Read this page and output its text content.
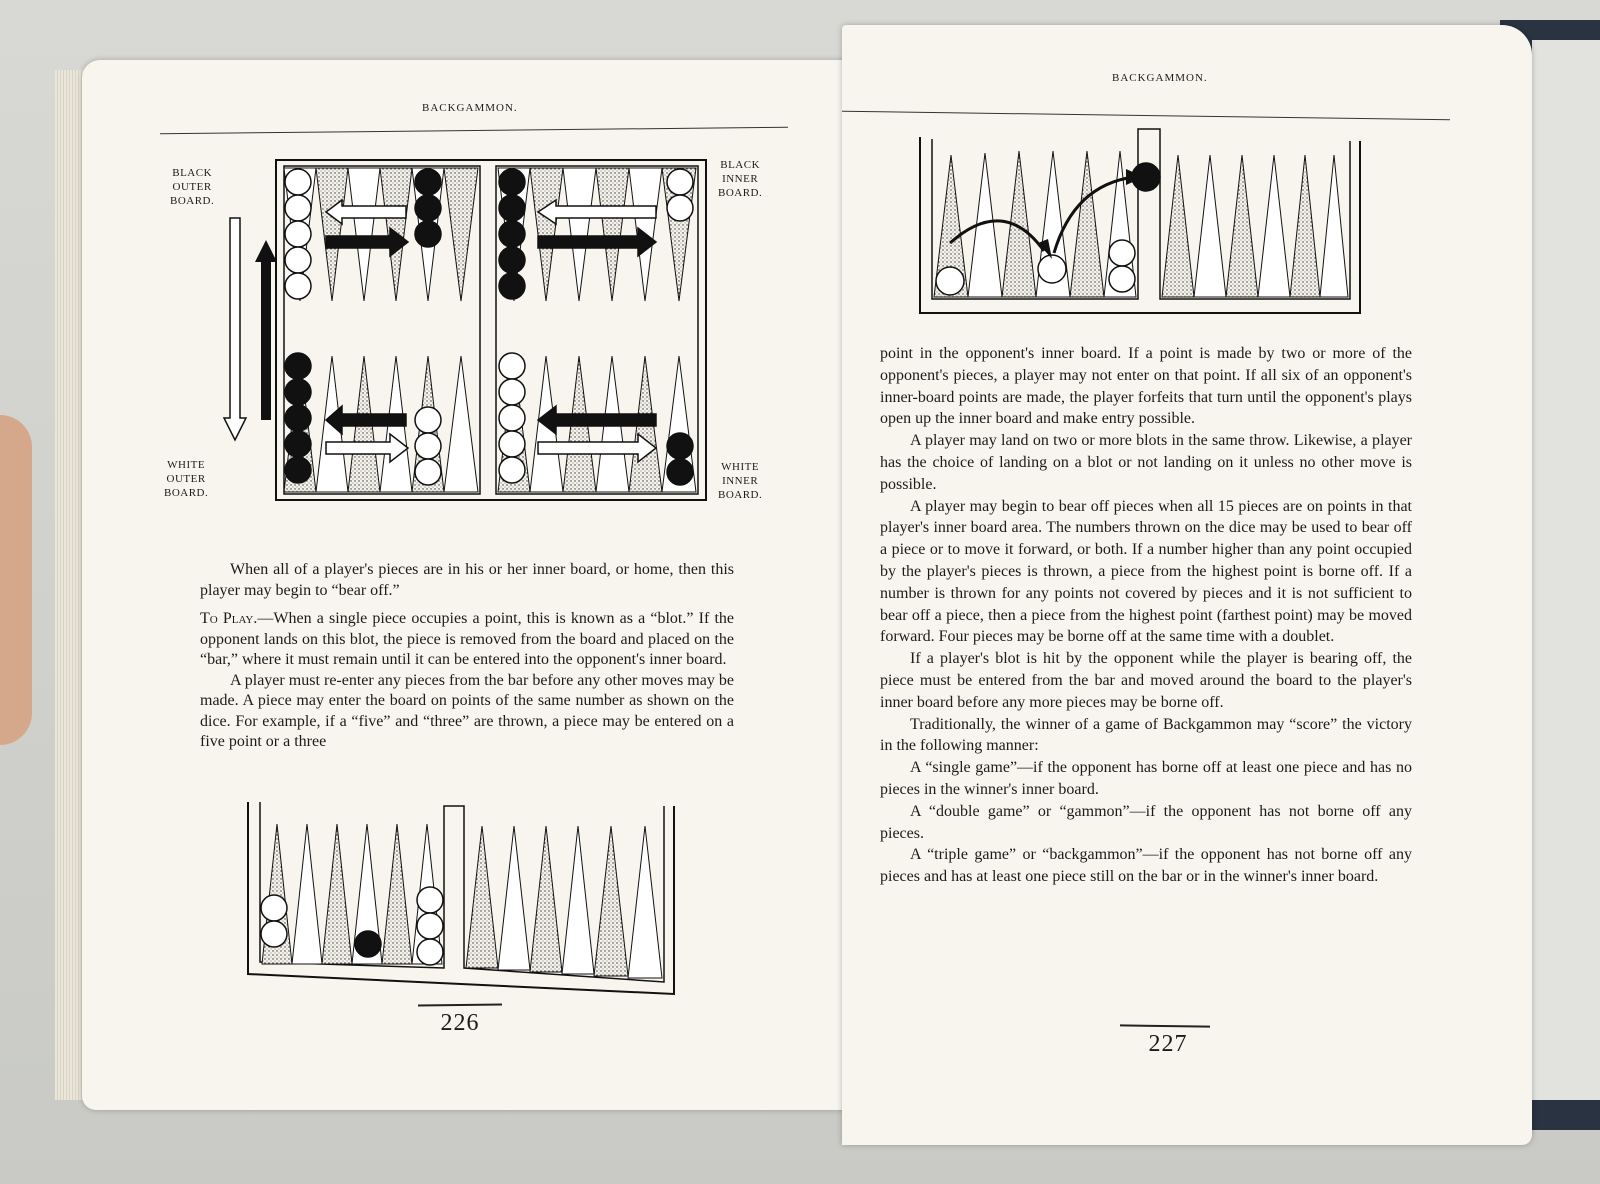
BACKGAMMON.
BLACK
OUTER
BOARD.
BLACK
INNER
BOARD.
WHITE
OUTER
BOARD.
WHITE
INNER
BOARD.

When all of a player's pieces are in his or her inner board, or home, then this player may begin to “bear off.”

To Play.—When a single piece occupies a point, this is known as a “blot.” If the opponent lands on this blot, the piece is removed from the board and placed on the “bar,” where it must remain until it can be entered into the opponent's inner board.

A player must re-enter any pieces from the bar before any other moves may be made. A piece may enter the board on points of the same number as shown on the dice. For example, if a “five” and “three” are thrown, a piece may be entered on a five point or a three

226
BACKGAMMON.

point in the opponent's inner board. If a point is made by two or more of the opponent's pieces, a player may not enter on that point. If all six of an opponent's inner-board points are made, the player forfeits that turn until the opponent's plays open up the inner board and make entry possible.

A player may land on two or more blots in the same throw. Likewise, a player has the choice of landing on a blot or not landing on it unless no other move is possible.

A player may begin to bear off pieces when all 15 pieces are on points in that player's inner board area. The numbers thrown on the dice may be used to bear off a piece or to move it forward, or both. If a number higher than any point occupied by the player's pieces is thrown, a piece from the highest point is borne off. If a number is thrown for any points not covered by pieces and it is not sufficient to bear off a piece, then a piece from the highest point (farthest point) may be moved forward. Four pieces may be borne off at the same time with a doublet.

If a player's blot is hit by the opponent while the player is bearing off, the piece must be entered from the bar and moved around the board to the player's inner board before any more pieces may be borne off.

Traditionally, the winner of a game of Backgammon may “score” the victory in the following manner:

A “single game”—if the opponent has borne off at least one piece and has no pieces in the winner's inner board.

A “double game” or “gammon”—if the opponent has not borne off any pieces.

A “triple game” or “backgammon”—if the opponent has not borne off any pieces and has at least one piece still on the bar or in the winner's inner board.

227
